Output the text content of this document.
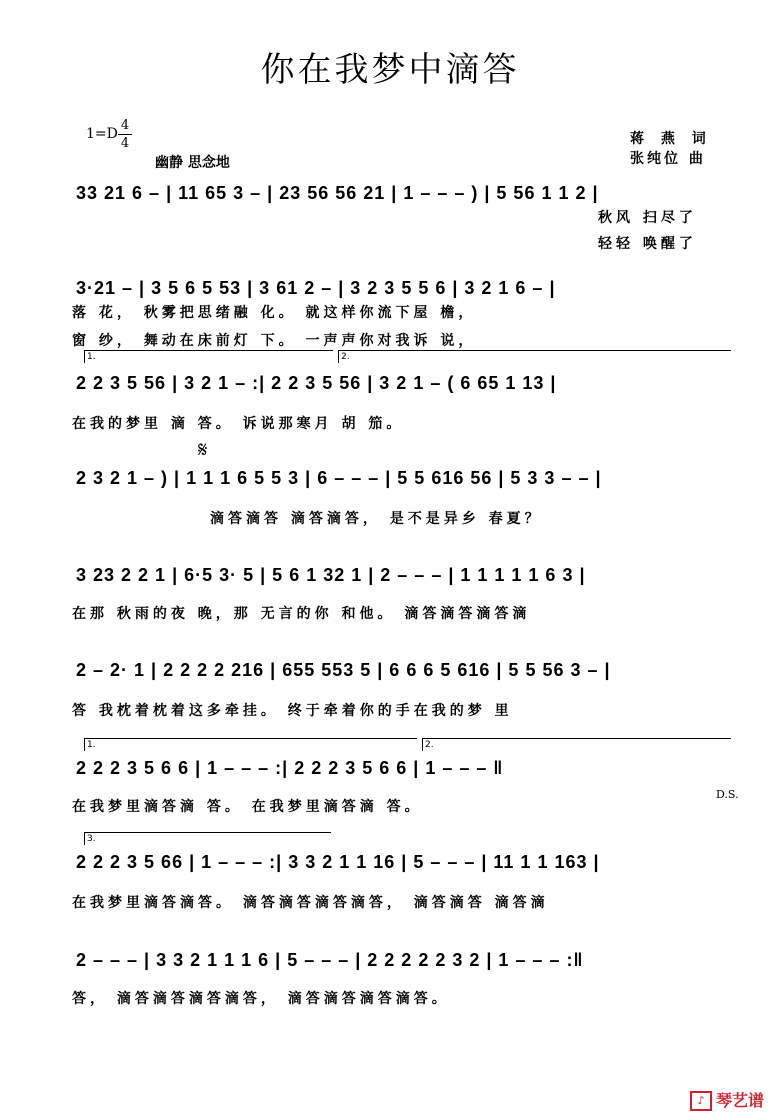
你在我梦中滴答
1=D
4
4
幽静 思念地
蒋 燕 词
张纯位 曲
33 21 6 – | 11 65 3 – | 23 56 56 21 | 1 – – – ) | 5 56 1 1 2 |
秋风 扫尽了
轻轻 唤醒了
3·21 – | 3 5 6 5 53 | 3 61 2 – | 3 2 3 5 5 6 | 3 2 1 6 – |
落 花， 秋雾把思绪融 化。 就这样你流下屋 檐，
窗 纱， 舞动在床前灯 下。 一声声你对我诉 说，
1.	2.
2 2 3 5 56 | 3 2 1 – :| 2 2 3 5 56 | 3 2 1 – ( 6 65 1 13 |
在我的梦里 滴 答。 诉说那寒月 胡 笳。
𝄋
2 3 2 1 – ) | 1 1 1 6 5 5 3 | 6 – – – | 5 5 616 56 | 5 3 3 – – |
滴答滴答 滴答滴答， 是不是异乡 春夏？
3 23 2 2 1 | 6·5 3· 5 | 5 6 1 32 1 | 2 – – – | 1 1 1 1 1 6 3 |
在那 秋雨的夜 晚，那 无言的你 和他。 滴答滴答滴答滴
2 – 2· 1 | 2 2 2 2 216 | 655 553 5 | 6 6 6 5 616 | 5 5 56 3 – |
答 我枕着枕着这多牵挂。 终于牵着你的手在我的梦 里
1.	2.
2 2 2 3 5 6 6 | 1 – – – :| 2 2 2 3 5 6 6 | 1 – – – ‖
在我梦里滴答滴 答。 在我梦里滴答滴 答。
D.S.
3.
2 2 2 3 5 66 | 1 – – – :| 3 3 2 1 1 16 | 5 – – – | 11 1 1 163 |
在我梦里滴答滴答。 滴答滴答滴答滴答， 滴答滴答 滴答滴
2 – – – | 3 3 2 1 1 1 6 | 5 – – – | 2 2 2 2 2 3 2 | 1 – – – :‖
答， 滴答滴答滴答滴答， 滴答滴答滴答滴答。
♪ 琴艺谱
